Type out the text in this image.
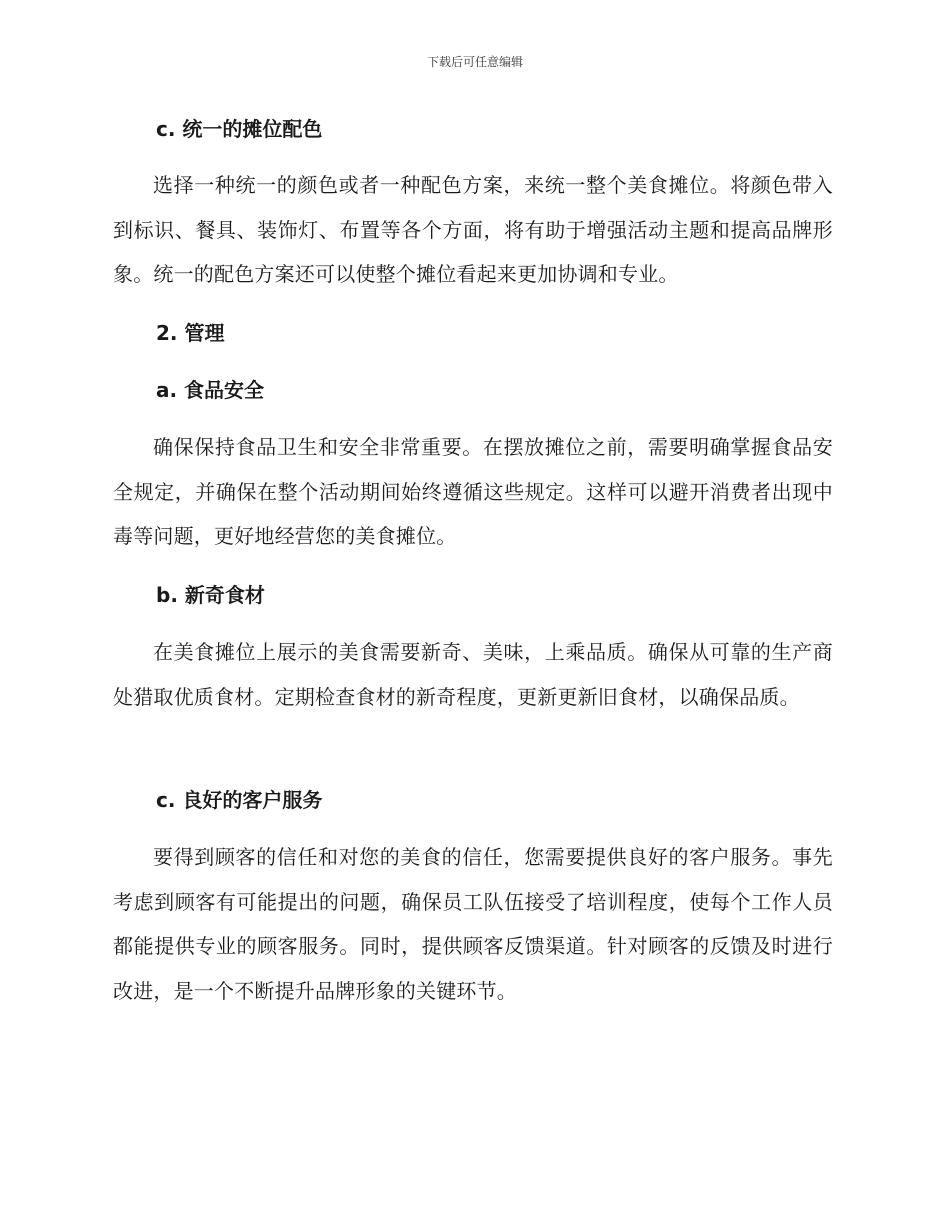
下载后可任意编辑
c. 统一的摊位配色

选择一种统一的颜色或者一种配色方案，来统一整个美食摊位。将颜色带入到标识、餐具、装饰灯、布置等各个方面，将有助于增强活动主题和提高品牌形象。统一的配色方案还可以使整个摊位看起来更加协调和专业。

2. 管理
a. 食品安全

确保保持食品卫生和安全非常重要。在摆放摊位之前，需要明确掌握食品安全规定，并确保在整个活动期间始终遵循这些规定。这样可以避开消费者出现中毒等问题，更好地经营您的美食摊位。

b. 新奇食材

在美食摊位上展示的美食需要新奇、美味，上乘品质。确保从可靠的生产商处猎取优质食材。定期检查食材的新奇程度，更新更新旧食材，以确保品质。

c. 良好的客户服务

要得到顾客的信任和对您的美食的信任，您需要提供良好的客户服务。事先考虑到顾客有可能提出的问题，确保员工队伍接受了培训程度，使每个工作人员都能提供专业的顾客服务。同时，提供顾客反馈渠道。针对顾客的反馈及时进行改进，是一个不断提升品牌形象的关键环节。
